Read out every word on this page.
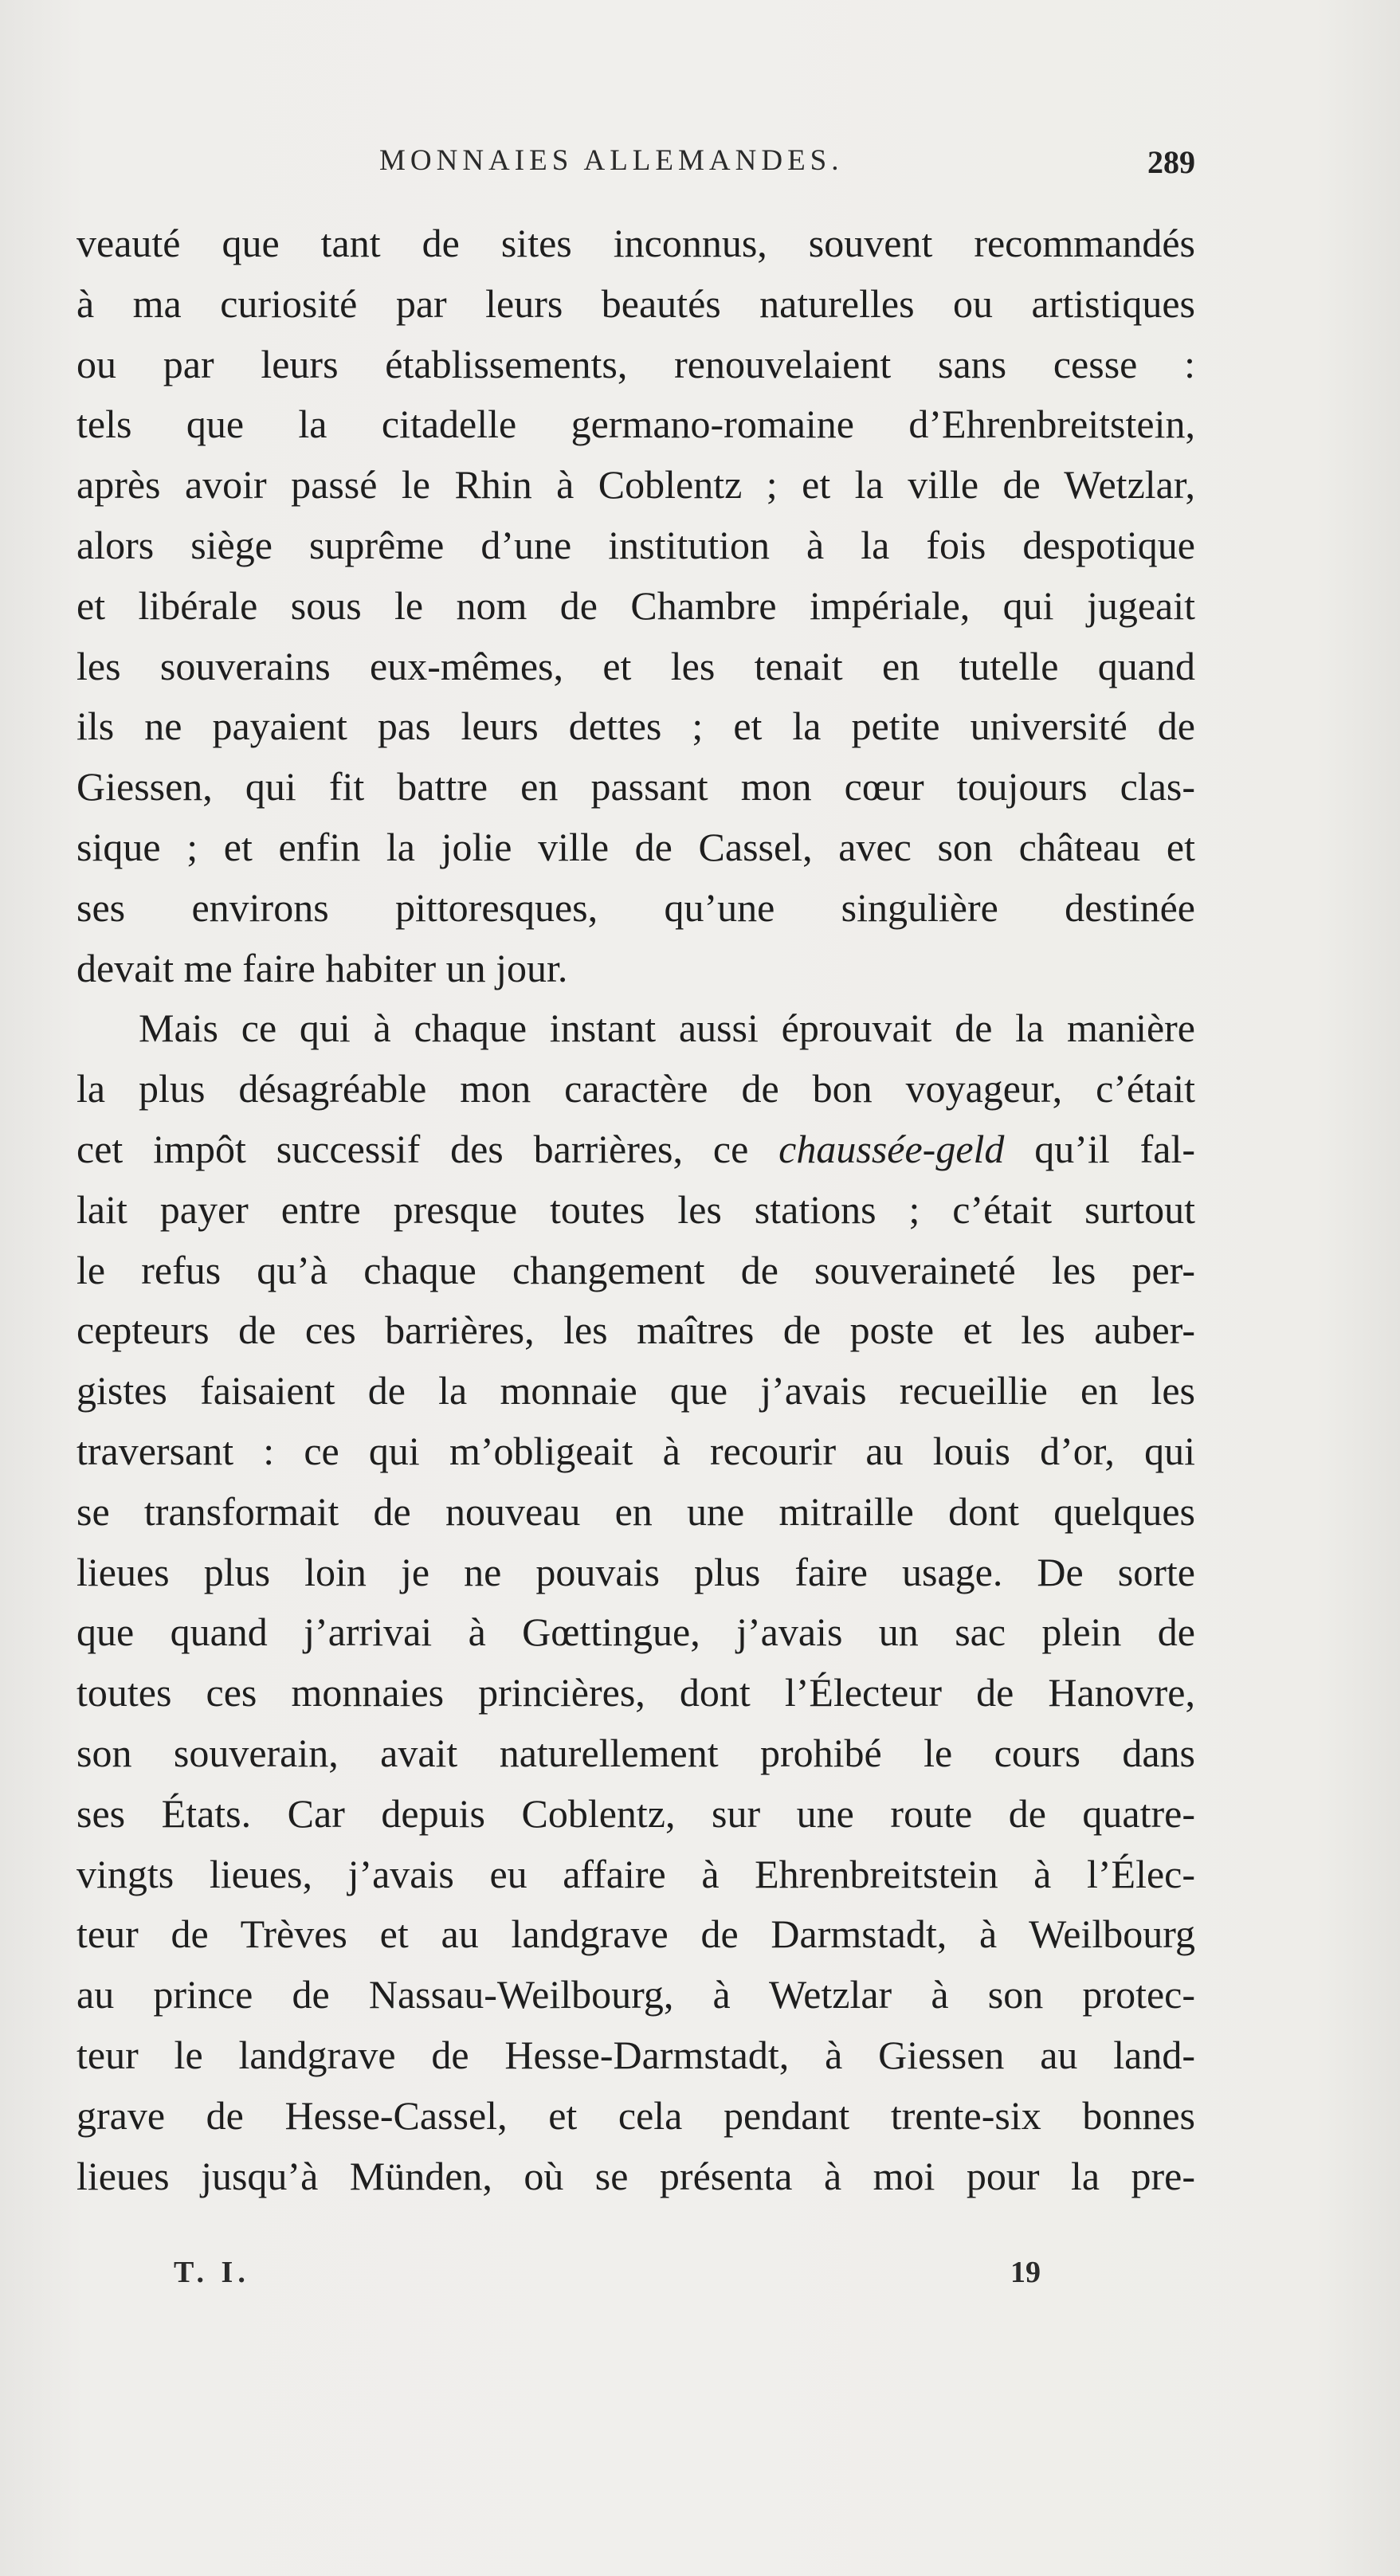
MONNAIES ALLEMANDES.	289
veauté que tant de sites inconnus, souvent recommandés
à ma curiosité par leurs beautés naturelles ou artistiques
ou par leurs établissements, renouvelaient sans cesse :
tels que la citadelle germano-romaine d’Ehrenbreitstein,
après avoir passé le Rhin à Coblentz ; et la ville de Wetzlar,
alors siège suprême d’une institution à la fois despotique
et libérale sous le nom de Chambre impériale, qui jugeait
les souverains eux-mêmes, et les tenait en tutelle quand
ils ne payaient pas leurs dettes ; et la petite université de
Giessen, qui fit battre en passant mon cœur toujours clas-
sique ; et enfin la jolie ville de Cassel, avec son château et
ses environs pittoresques, qu’une singulière destinée
devait me faire habiter un jour.
Mais ce qui à chaque instant aussi éprouvait de la manière
la plus désagréable mon caractère de bon voyageur, c’était
cet impôt successif des barrières, ce chaussée-geld qu’il fal-
lait payer entre presque toutes les stations ; c’était surtout
le refus qu’à chaque changement de souveraineté les per-
cepteurs de ces barrières, les maîtres de poste et les auber-
gistes faisaient de la monnaie que j’avais recueillie en les
traversant : ce qui m’obligeait à recourir au louis d’or, qui
se transformait de nouveau en une mitraille dont quelques
lieues plus loin je ne pouvais plus faire usage. De sorte
que quand j’arrivai à Gœttingue, j’avais un sac plein de
toutes ces monnaies princières, dont l’Électeur de Hanovre,
son souverain, avait naturellement prohibé le cours dans
ses États. Car depuis Coblentz, sur une route de quatre-
vingts lieues, j’avais eu affaire à Ehrenbreitstein à l’Élec-
teur de Trèves et au landgrave de Darmstadt, à Weilbourg
au prince de Nassau-Weilbourg, à Wetzlar à son protec-
teur le landgrave de Hesse-Darmstadt, à Giessen au land-
grave de Hesse-Cassel, et cela pendant trente-six bonnes
lieues jusqu’à Münden, où se présenta à moi pour la pre-
T. I.	19
